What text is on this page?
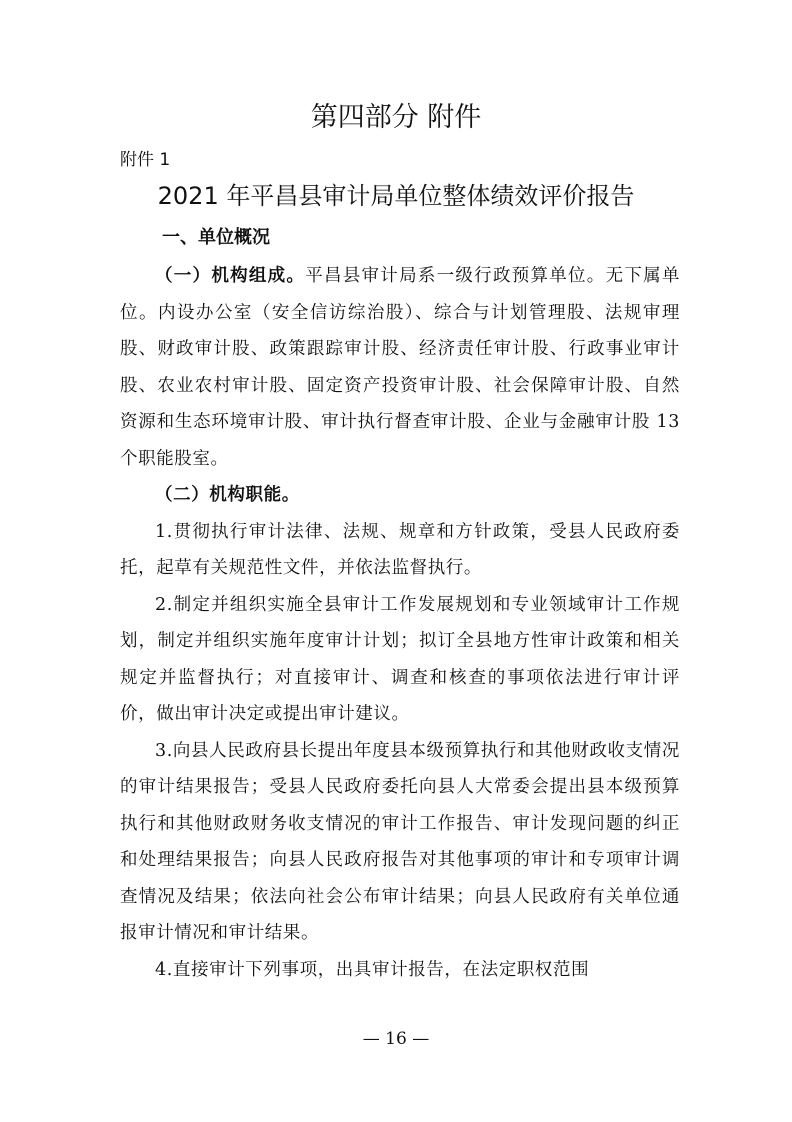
第四部分 附件
附件 1
2021 年平昌县审计局单位整体绩效评价报告
一、单位概况

（一）机构组成。平昌县审计局系一级行政预算单位。无下属单位。内设办公室（安全信访综治股）、综合与计划管理股、法规审理股、财政审计股、政策跟踪审计股、经济责任审计股、行政事业审计股、农业农村审计股、固定资产投资审计股、社会保障审计股、自然资源和生态环境审计股、审计执行督查审计股、企业与金融审计股 13 个职能股室。

（二）机构职能。

1.贯彻执行审计法律、法规、规章和方针政策，受县人民政府委托，起草有关规范性文件，并依法监督执行。

2.制定并组织实施全县审计工作发展规划和专业领域审计工作规划，制定并组织实施年度审计计划；拟订全县地方性审计政策和相关规定并监督执行；对直接审计、调查和核查的事项依法进行审计评价，做出审计决定或提出审计建议。

3.向县人民政府县长提出年度县本级预算执行和其他财政收支情况的审计结果报告；受县人民政府委托向县人大常委会提出县本级预算执行和其他财政财务收支情况的审计工作报告、审计发现问题的纠正和处理结果报告；向县人民政府报告对其他事项的审计和专项审计调查情况及结果；依法向社会公布审计结果；向县人民政府有关单位通报审计情况和审计结果。

4.直接审计下列事项，出具审计报告，在法定职权范围

— 16 —
